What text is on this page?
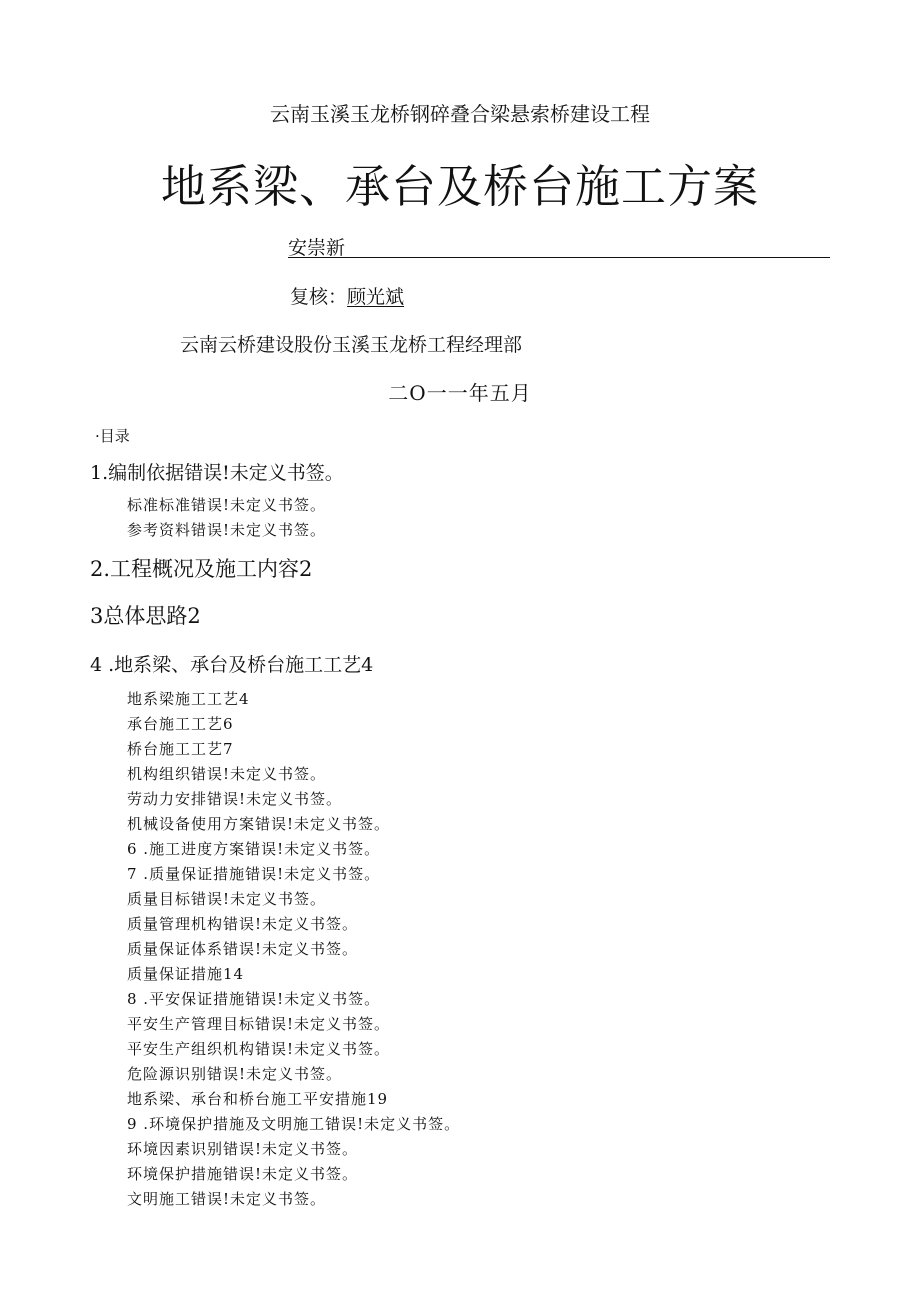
云南玉溪玉龙桥钢碎叠合梁悬索桥建设工程
地系梁、承台及桥台施工方案
安崇新
复核：顾光斌
云南云桥建设股份玉溪玉龙桥工程经理部
二O一一年五月
·目录
1.编制依据错误!未定义书签。
标准标准错误!未定义书签。
参考资料错误!未定义书签。
2.工程概况及施工内容2
3总体思路2
4 .地系梁、承台及桥台施工工艺4
地系梁施工工艺4
承台施工工艺6
桥台施工工艺7
机构组织错误!未定义书签。
劳动力安排错误!未定义书签。
机械设备使用方案错误!未定义书签。
6 .施工进度方案错误!未定义书签。
7 .质量保证措施错误!未定义书签。
质量目标错误!未定义书签。
质量管理机构错误!未定义书签。
质量保证体系错误!未定义书签。
质量保证措施14
8 .平安保证措施错误!未定义书签。
平安生产管理目标错误!未定义书签。
平安生产组织机构错误!未定义书签。
危险源识别错误!未定义书签。
地系梁、承台和桥台施工平安措施19
9 .环境保护措施及文明施工错误!未定义书签。
环境因素识别错误!未定义书签。
环境保护措施错误!未定义书签。
文明施工错误!未定义书签。
